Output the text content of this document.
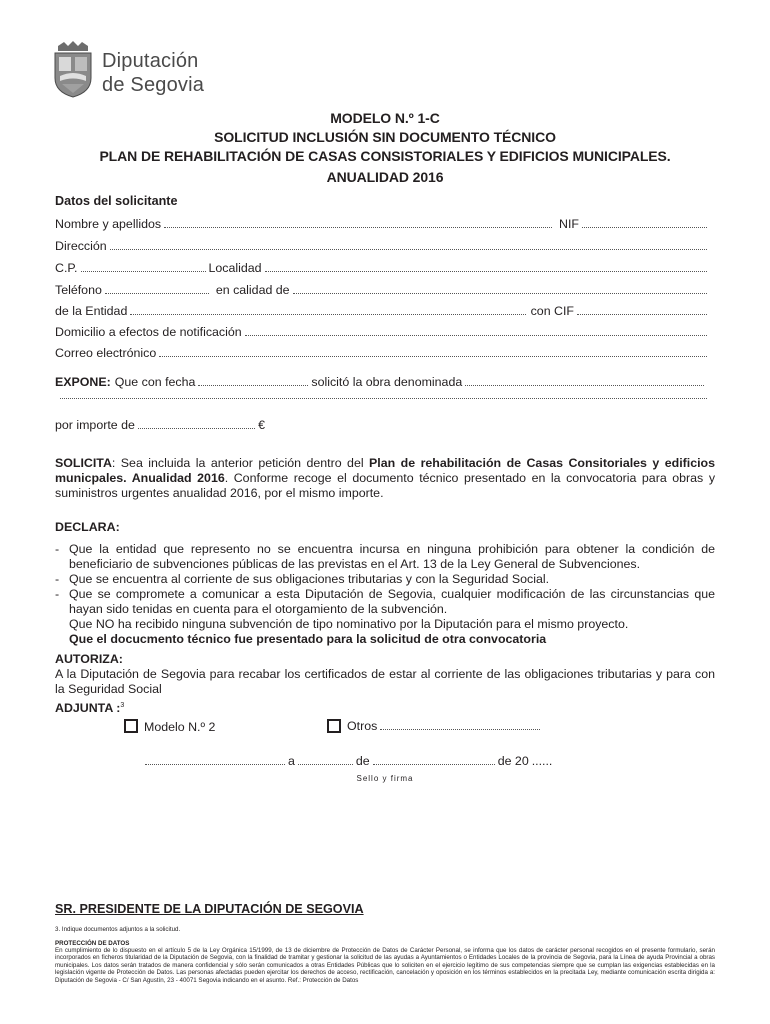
Diputación
de Segovia
MODELO N.º 1-C
SOLICITUD INCLUSIÓN SIN DOCUMENTO TÉCNICO
PLAN DE REHABILITACIÓN DE CASAS CONSISTORIALES Y EDIFICIOS MUNICIPALES.
ANUALIDAD 2016
Datos del solicitante
Nombre y apellidos	NIF
Dirección
C.P.	Localidad
Teléfono	en calidad de
de la Entidad	con CIF
Domicilio a efectos de notificación
Correo electrónico
EXPONE: Que con fecha	solicitó la obra denominada
por importe de	€
SOLICITA: Sea incluida la anterior petición dentro del Plan de rehabilitación de Casas Consitoriales y edificios municpales. Anualidad 2016. Conforme recoge el documento técnico presentado en la convocatoria para obras y suministros urgentes anualidad 2016, por el mismo importe.
DECLARA:
- Que la entidad que represento no se encuentra incursa en ninguna prohibición para obtener la condición de beneficiario de subvenciones públicas de las previstas en el Art. 13 de la Ley General de Subvenciones.
- Que se encuentra al corriente de sus obligaciones tributarias y con la Seguridad Social.
- Que se compromete a comunicar a esta Diputación de Segovia, cualquier modificación de las circunstancias que hayan sido tenidas en cuenta para el otorgamiento de la subvención.
Que NO ha recibido ninguna subvención de tipo nominativo por la Diputación para el mismo proyecto.
Que el docucmento técnico fue presentado para la solicitud de otra convocatoria
AUTORIZA:
A la Diputación de Segovia para recabar los certificados de estar al corriente de las obligaciones tributarias y para con la Seguridad Social
ADJUNTA :$^3$
Modelo N.º 2	Otros
a	de	de 20 ......
Sello y firma
SR. PRESIDENTE DE LA DIPUTACIÓN DE SEGOVIA
3. Indique documentos adjuntos a la solicitud.
PROTECCIÓN DE DATOS
En cumplimiento de lo dispuesto en el artículo 5 de la Ley Orgánica 15/1999, de 13 de diciembre de Protección de Datos de Carácter Personal, se informa que los datos de carácter personal recogidos en el presente formulario, serán incorporados en ficheros titularidad de la Diputación de Segovia, con la finalidad de tramitar y gestionar la solicitud de las ayudas a Ayuntamientos o Entidades Locales de la provincia de Segovia, para la Línea de ayuda Provincial a obras municipales. Los datos serán tratados de manera confidencial y sólo serán comunicados a otras Entidades Públicas que lo soliciten en el ejercicio legítimo de sus competencias siempre que se cumplan las exigencias establecidas en la legislación vigente de Protección de Datos. Las personas afectadas pueden ejercitar los derechos de acceso, rectificación, cancelación y oposición en los términos establecidos en la precitada Ley, mediante comunicación escrita dirigida a: Diputación de Segovia - C/ San Agustín, 23 - 40071 Segovia indicando en el asunto. Ref.: Protección de Datos
